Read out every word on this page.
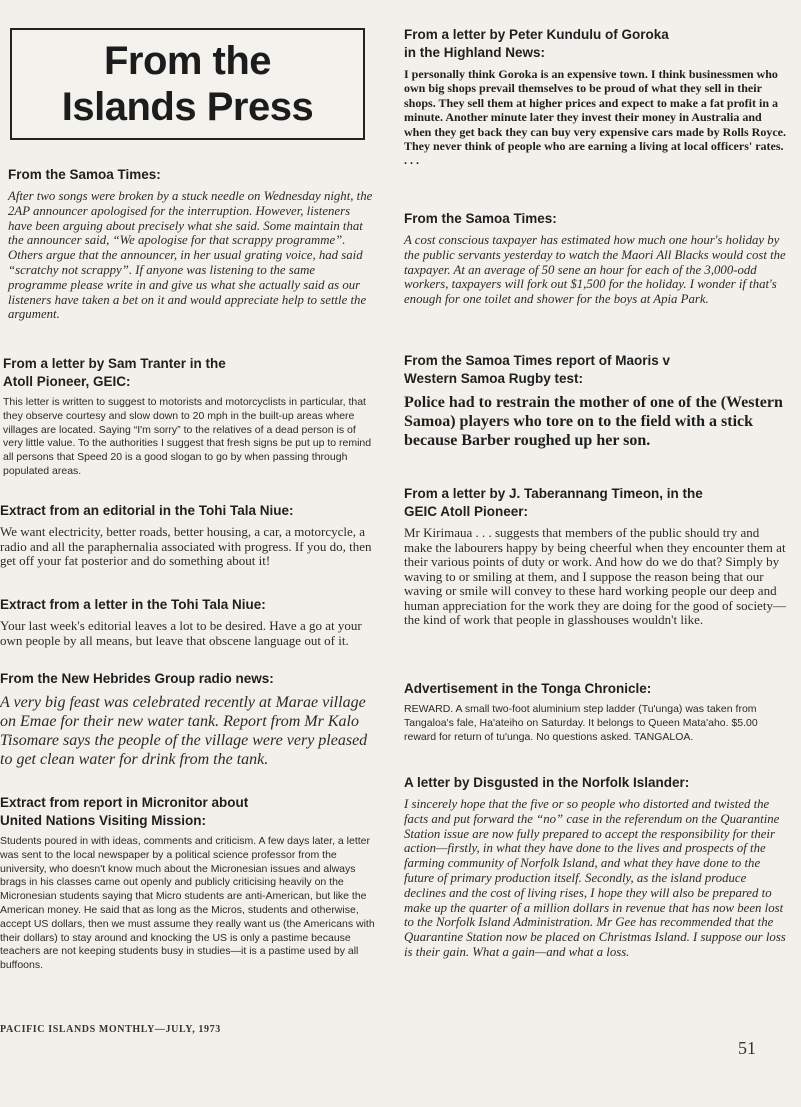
From the
Islands Press
From the Samoa Times:

After two songs were broken by a stuck needle on Wednesday night, the 2AP announcer apologised for the interruption. However, listeners have been arguing about precisely what she said. Some maintain that the announcer said, “We apologise for that scrappy programme”. Others argue that the announcer, in her usual grating voice, had said “scratchy not scrappy”. If anyone was listening to the same programme please write in and give us what she actually said as our listeners have taken a bet on it and would appreciate help to settle the argument.

From a letter by Sam Tranter in the
Atoll Pioneer, GEIC:

This letter is written to suggest to motorists and motorcyclists in particular, that they observe courtesy and slow down to 20 mph in the built-up areas where villages are located. Saying “I'm sorry” to the relatives of a dead person is of very little value. To the authorities I suggest that fresh signs be put up to remind all persons that Speed 20 is a good slogan to go by when passing through populated areas.

Extract from an editorial in the Tohi Tala Niue:

We want electricity, better roads, better housing, a car, a motorcycle, a radio and all the paraphernalia associated with progress. If you do, then get off your fat posterior and do something about it!

Extract from a letter in the Tohi Tala Niue:

Your last week's editorial leaves a lot to be desired. Have a go at your own people by all means, but leave that obscene language out of it.

From the New Hebrides Group radio news:

A very big feast was celebrated recently at Marae village on Emae for their new water tank. Report from Mr Kalo Tisomare says the people of the village were very pleased to get clean water for drink from the tank.

Extract from report in Micronitor about
United Nations Visiting Mission:

Students poured in with ideas, comments and criticism. A few days later, a letter was sent to the local newspaper by a political science professor from the university, who doesn't know much about the Micronesian issues and always brags in his classes came out openly and publicly criticising heavily on the Micronesian students saying that Micro students are anti-American, but like the American money. He said that as long as the Micros, students and otherwise, accept US dollars, then we must assume they really want us (the Americans with their dollars) to stay around and knocking the US is only a pastime because teachers are not keeping students busy in studies—it is a pastime used by all buffoons.

PACIFIC ISLANDS MONTHLY—JULY, 1973
From a letter by Peter Kundulu of Goroka
in the Highland News:

I personally think Goroka is an expensive town. I think businessmen who own big shops prevail themselves to be proud of what they sell in their shops. They sell them at higher prices and expect to make a fat profit in a minute. Another minute later they invest their money in Australia and when they get back they can buy very expensive cars made by Rolls Royce. They never think of people who are earning a living at local officers' rates. . . .

From the Samoa Times:

A cost conscious taxpayer has estimated how much one hour's holiday by the public servants yesterday to watch the Maori All Blacks would cost the taxpayer. At an average of 50 sene an hour for each of the 3,000-odd workers, taxpayers will fork out $1,500 for the holiday. I wonder if that's enough for one toilet and shower for the boys at Apia Park.

From the Samoa Times report of Maoris v
Western Samoa Rugby test:

Police had to restrain the mother of one of the (Western Samoa) players who tore on to the field with a stick because Barber roughed up her son.

From a letter by J. Taberannang Timeon, in the
GEIC Atoll Pioneer:

Mr Kirimaua . . . suggests that members of the public should try and make the labourers happy by being cheerful when they encounter them at their various points of duty or work. And how do we do that? Simply by waving to or smiling at them, and I suppose the reason being that our waving or smile will convey to these hard working people our deep and human appreciation for the work they are doing for the good of society— the kind of work that people in glasshouses wouldn't like.

Advertisement in the Tonga Chronicle:

REWARD. A small two-foot aluminium step ladder (Tu'unga) was taken from Tangaloa's fale, Ha'ateiho on Saturday. It belongs to Queen Mata'aho. $5.00 reward for return of tu'unga. No questions asked. TANGALOA.

A letter by Disgusted in the Norfolk Islander:

I sincerely hope that the five or so people who distorted and twisted the facts and put forward the “no” case in the referendum on the Quarantine Station issue are now fully prepared to accept the responsibility for their action—firstly, in what they have done to the lives and prospects of the farming community of Norfolk Island, and what they have done to the future of primary production itself. Secondly, as the island produce declines and the cost of living rises, I hope they will also be prepared to make up the quarter of a million dollars in revenue that has now been lost to the Norfolk Island Administration. Mr Gee has recommended that the Quarantine Station now be placed on Christmas Island. I suppose our loss is their gain. What a gain—and what a loss.

51
